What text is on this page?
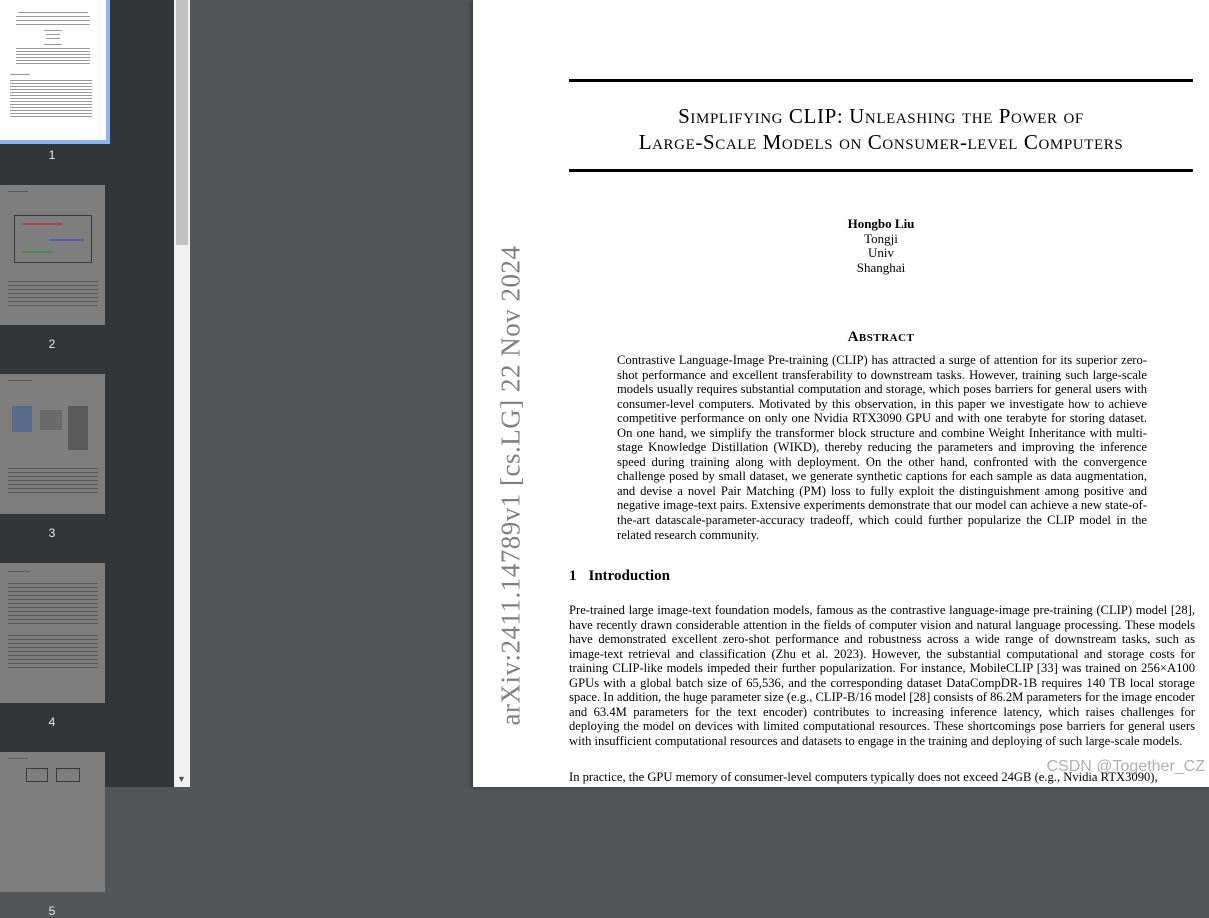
1
2
3
4
5
▼
arXiv:2411.14789v1 [cs.LG] 22 Nov 2024
Simplifying CLIP: Unleashing the Power of
Large-Scale Models on Consumer-level Computers
Hongbo Liu
Tongji
Univ
Shanghai
Abstract
Contrastive Language-Image Pre-training (CLIP) has attracted a surge of attention for its superior zero-shot performance and excellent transferability to downstream tasks. However, training such large-scale models usually requires substantial computation and storage, which poses barriers for general users with consumer-level computers. Motivated by this observation, in this paper we investigate how to achieve competitive performance on only one Nvidia RTX3090 GPU and with one terabyte for storing dataset. On one hand, we simplify the transformer block structure and combine Weight Inheritance with multi-stage Knowledge Distillation (WIKD), thereby reducing the parameters and improving the inference speed during training along with deployment. On the other hand, confronted with the convergence challenge posed by small dataset, we generate synthetic captions for each sample as data augmentation, and devise a novel Pair Matching (PM) loss to fully exploit the distinguishment among positive and negative image-text pairs. Extensive experiments demonstrate that our model can achieve a new state-of-the-art datascale-parameter-accuracy tradeoff, which could further popularize the CLIP model in the related research community.
1 Introduction
Pre-trained large image-text foundation models, famous as the contrastive language-image pre-training (CLIP) model [28], have recently drawn considerable attention in the fields of computer vision and natural language processing. These models have demonstrated excellent zero-shot performance and robustness across a wide range of downstream tasks, such as image-text retrieval and classification (Zhu et al. 2023). However, the substantial computational and storage costs for training CLIP-like models impeded their further popularization. For instance, MobileCLIP [33] was trained on 256×A100 GPUs with a global batch size of 65,536, and the corresponding dataset DataCompDR-1B requires 140 TB local storage space. In addition, the huge parameter size (e.g., CLIP-B/16 model [28] consists of 86.2M parameters for the image encoder and 63.4M parameters for the text encoder) contributes to increasing inference latency, which raises challenges for deploying the model on devices with limited computational resources. These shortcomings pose barriers for general users with insufficient computational resources and datasets to engage in the training and deploying of such large-scale models.
In practice, the GPU memory of consumer-level computers typically does not exceed 24GB (e.g., Nvidia RTX3090),
CSDN @Together_CZ
